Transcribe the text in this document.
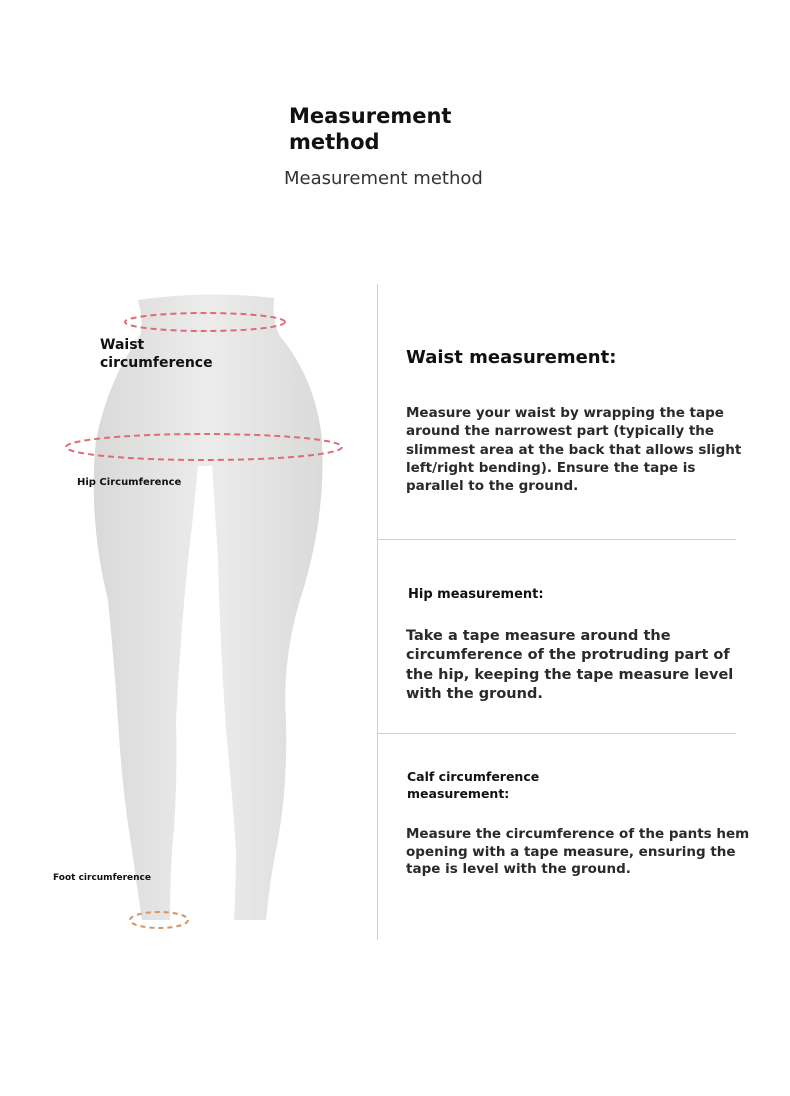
Measurement method
Measurement method
Waist circumference
Hip Circumference
Foot circumference
Waist measurement:
Measure your waist by wrapping the tape around the narrowest part (typically the slimmest area at the back that allows slight left/right bending). Ensure the tape is parallel to the ground.
Hip measurement:
Take a tape measure around the circumference of the protruding part of the hip, keeping the tape measure level with the ground.
Calf circumference measurement:
Measure the circumference of the pants hem opening with a tape measure, ensuring the tape is level with the ground.
